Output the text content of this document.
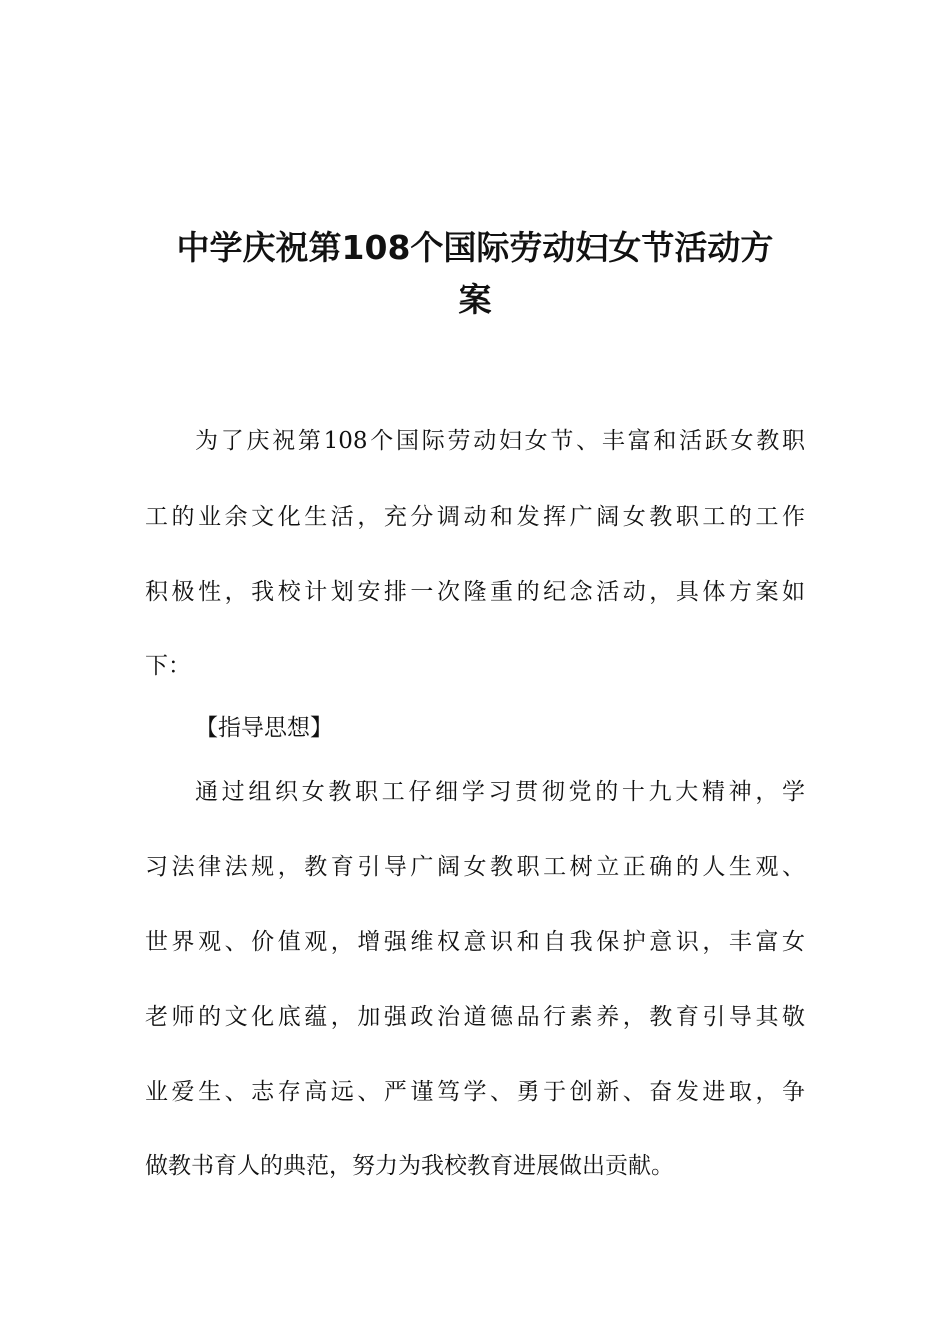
中学庆祝第108个国际劳动妇女节活动方
案

为了庆祝第108个国际劳动妇女节、丰富和活跃女教职

工的业余文化生活，充分调动和发挥广阔女教职工的工作

积极性，我校计划安排一次隆重的纪念活动，具体方案如

下：

【指导思想】

通过组织女教职工仔细学习贯彻党的十九大精神，学

习法律法规，教育引导广阔女教职工树立正确的人生观、

世界观、价值观，增强维权意识和自我保护意识，丰富女

老师的文化底蕴，加强政治道德品行素养，教育引导其敬

业爱生、志存高远、严谨笃学、勇于创新、奋发进取，争

做教书育人的典范，努力为我校教育进展做出贡献。
